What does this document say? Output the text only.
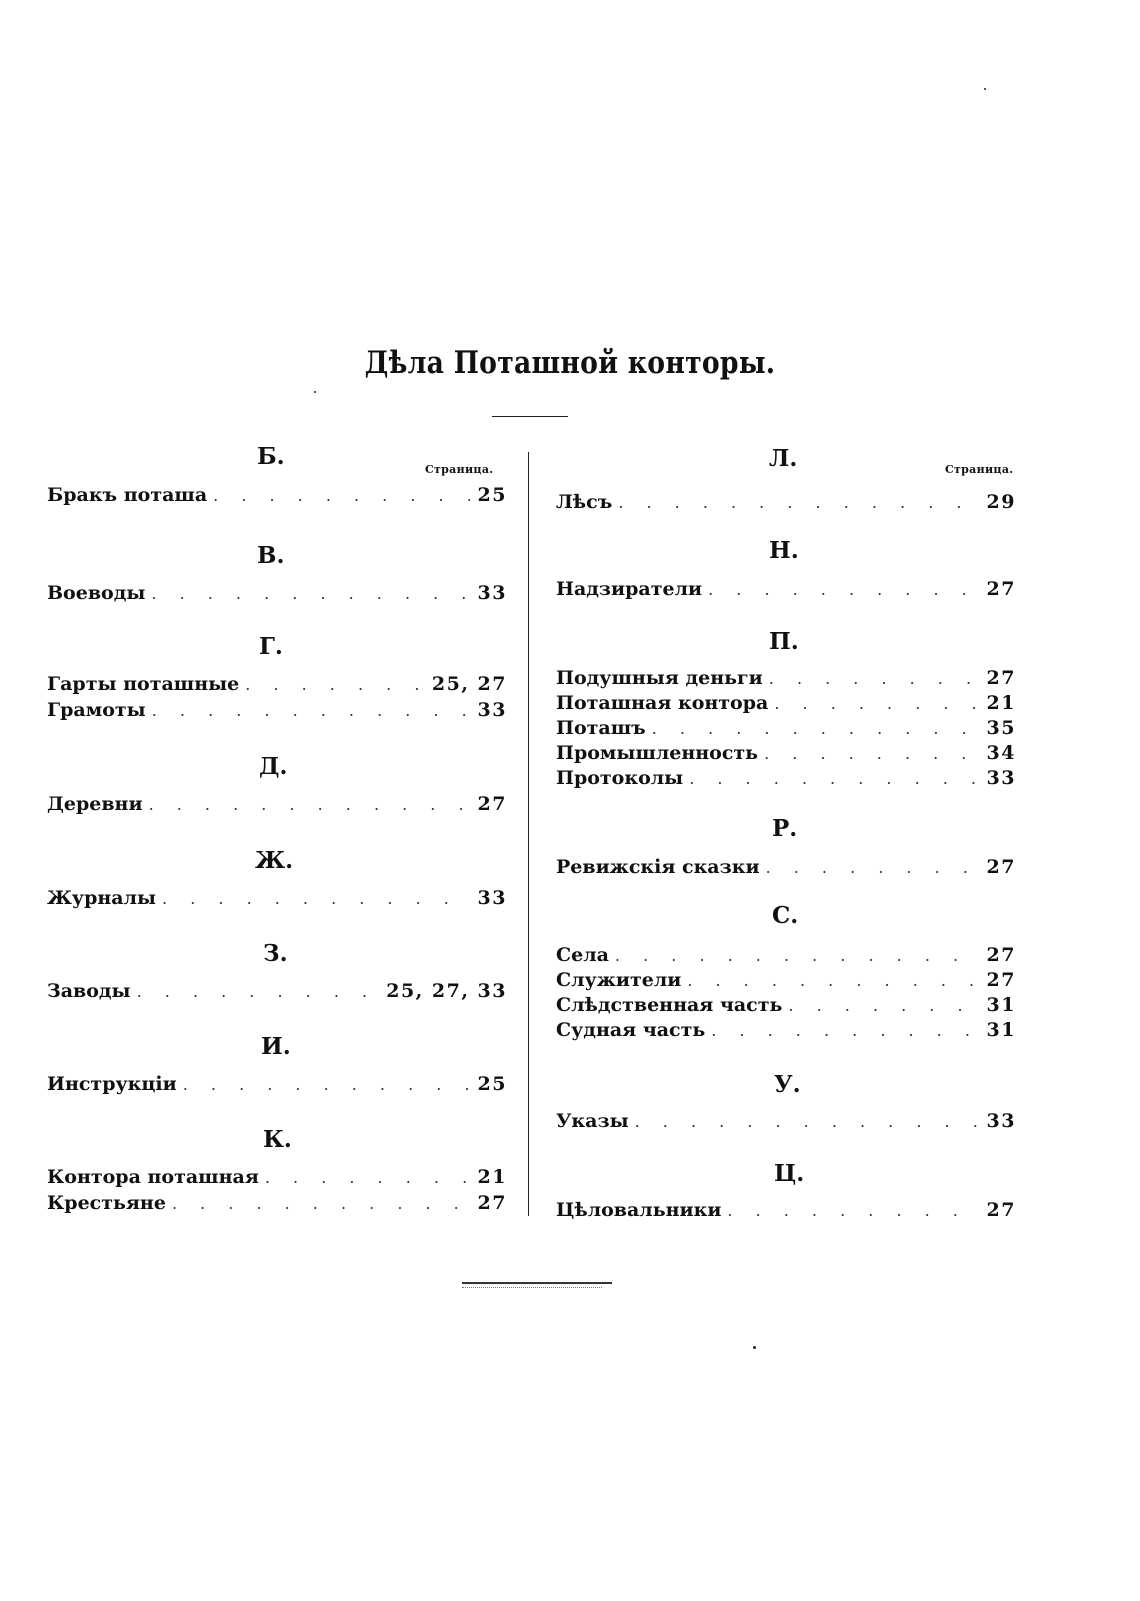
Дѣла Поташной конторы.
Страница.
Б.
Бракъ поташа . . .	25
В.
Воеводы . . .	33
Г.
Гарты поташные . . .	25, 27
Грамоты . . .	33
Д.
Деревни . . .	27
Ж.
Журналы . . .	33
З.
Заводы . . .	25, 27, 33
И.
Инструкціи . . .	25
К.
Контора поташная . . .	21
Крестьяне . . .	27
Страница.
Л.
Лѣсъ . . .	29
Н.
Надзиратели . . .	27
П.
Подушныя деньги . . .	27
Поташная контора . . .	21
Поташъ . . .	35
Промышленность . . .	34
Протоколы . . .	33
Р.
Ревижскія сказки . . .	27
С.
Села . . .	27
Служители . . .	27
Слѣдственная часть . . .	31
Судная часть . . .	31
У.
Указы . . .	33
Ц.
Цѣловальники . . .	27
